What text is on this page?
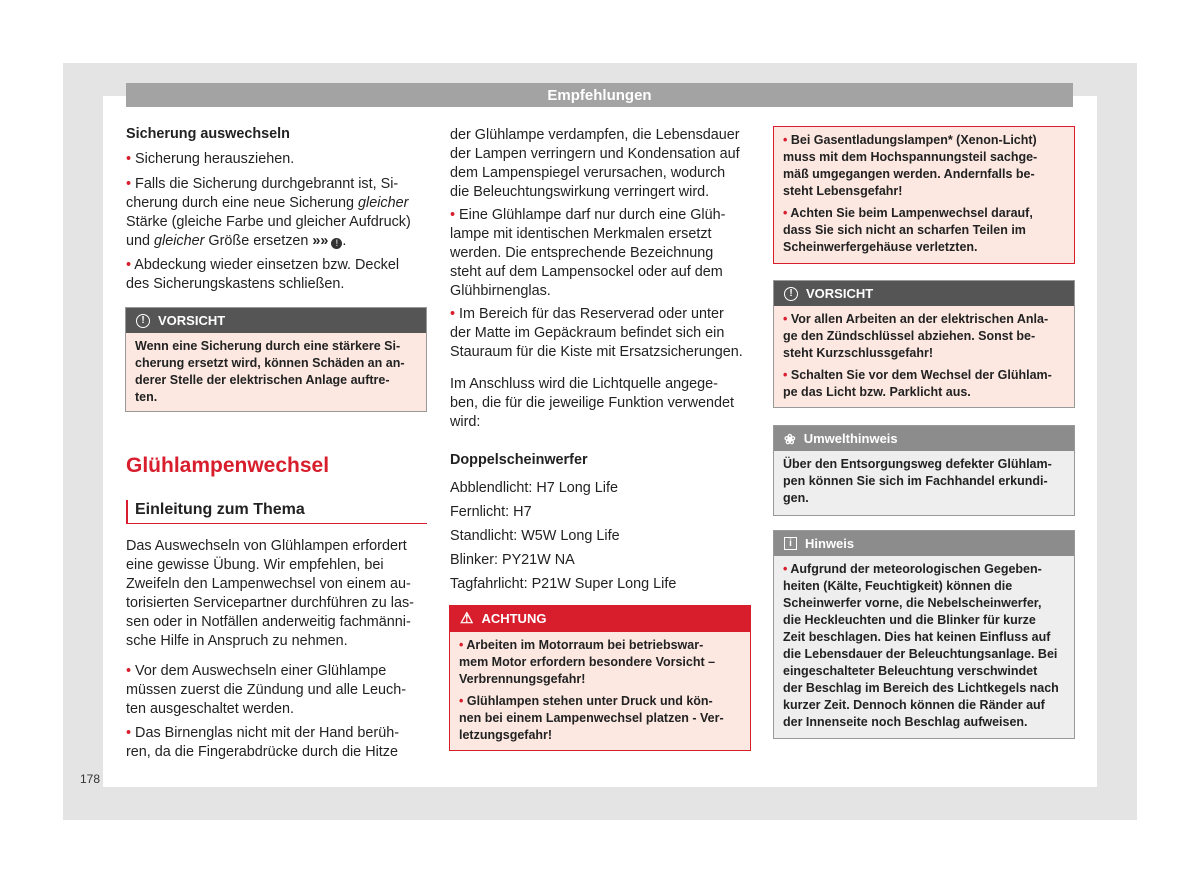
Empfehlungen
Sicherung auswechseln
• Sicherung herausziehen.
• Falls die Sicherung durchgebrannt ist, Si-
cherung durch eine neue Sicherung gleicher
Stärke (gleiche Farbe und gleicher Aufdruck)
und gleicher Größe ersetzen »» ! .
• Abdeckung wieder einsetzen bzw. Deckel
des Sicherungskastens schließen.
!	VORSICHT
Wenn eine Sicherung durch eine stärkere Si-
cherung ersetzt wird, können Schäden an an-
derer Stelle der elektrischen Anlage auftre-
ten.
Glühlampenwechsel
Einleitung zum Thema
Das Auswechseln von Glühlampen erfordert
eine gewisse Übung. Wir empfehlen, bei
Zweifeln den Lampenwechsel von einem au-
torisierten Servicepartner durchführen zu las-
sen oder in Notfällen anderweitig fachmänni-
sche Hilfe in Anspruch zu nehmen.
• Vor dem Auswechseln einer Glühlampe
müssen zuerst die Zündung und alle Leuch-
ten ausgeschaltet werden.
• Das Birnenglas nicht mit der Hand berüh-
ren, da die Fingerabdrücke durch die Hitze
178
der Glühlampe verdampfen, die Lebensdauer
der Lampen verringern und Kondensation auf
dem Lampenspiegel verursachen, wodurch
die Beleuchtungswirkung verringert wird.
• Eine Glühlampe darf nur durch eine Glüh-
lampe mit identischen Merkmalen ersetzt
werden. Die entsprechende Bezeichnung
steht auf dem Lampensockel oder auf dem
Glühbirnenglas.
• Im Bereich für das Reserverad oder unter
der Matte im Gepäckraum befindet sich ein
Stauraum für die Kiste mit Ersatzsicherungen.
Im Anschluss wird die Lichtquelle angege-
ben, die für die jeweilige Funktion verwendet
wird:
Doppelscheinwerfer
Abblendlicht: H7 Long Life
Fernlicht: H7
Standlicht: W5W Long Life
Blinker: PY21W NA
Tagfahrlicht: P21W Super Long Life
⚠ ACHTUNG

• Arbeiten im Motorraum bei betriebswar-
mem Motor erfordern besondere Vorsicht –
Verbrennungsgefahr!

• Glühlampen stehen unter Druck und kön-
nen bei einem Lampenwechsel platzen - Ver-
letzungsgefahr!

• Bei Gasentladungslampen* (Xenon-Licht)
muss mit dem Hochspannungsteil sachge-
mäß umgegangen werden. Andernfalls be-
steht Lebensgefahr!

• Achten Sie beim Lampenwechsel darauf,
dass Sie sich nicht an scharfen Teilen im
Scheinwerfergehäuse verletzten.

!	VORSICHT

• Vor allen Arbeiten an der elektrischen Anla-
ge den Zündschlüssel abziehen. Sonst be-
steht Kurzschlussgefahr!

• Schalten Sie vor dem Wechsel der Glühlam-
pe das Licht bzw. Parklicht aus.

❀ Umwelthinweis
Über den Entsorgungsweg defekter Glühlam-
pen können Sie sich im Fachhandel erkundi-
gen.
i	Hinweis
• Aufgrund der meteorologischen Gegeben-
heiten (Kälte, Feuchtigkeit) können die
Scheinwerfer vorne, die Nebelscheinwerfer,
die Heckleuchten und die Blinker für kurze
Zeit beschlagen. Dies hat keinen Einfluss auf
die Lebensdauer der Beleuchtungsanlage. Bei
eingeschalteter Beleuchtung verschwindet
der Beschlag im Bereich des Lichtkegels nach
kurzer Zeit. Dennoch können die Ränder auf
der Innenseite noch Beschlag aufweisen.
